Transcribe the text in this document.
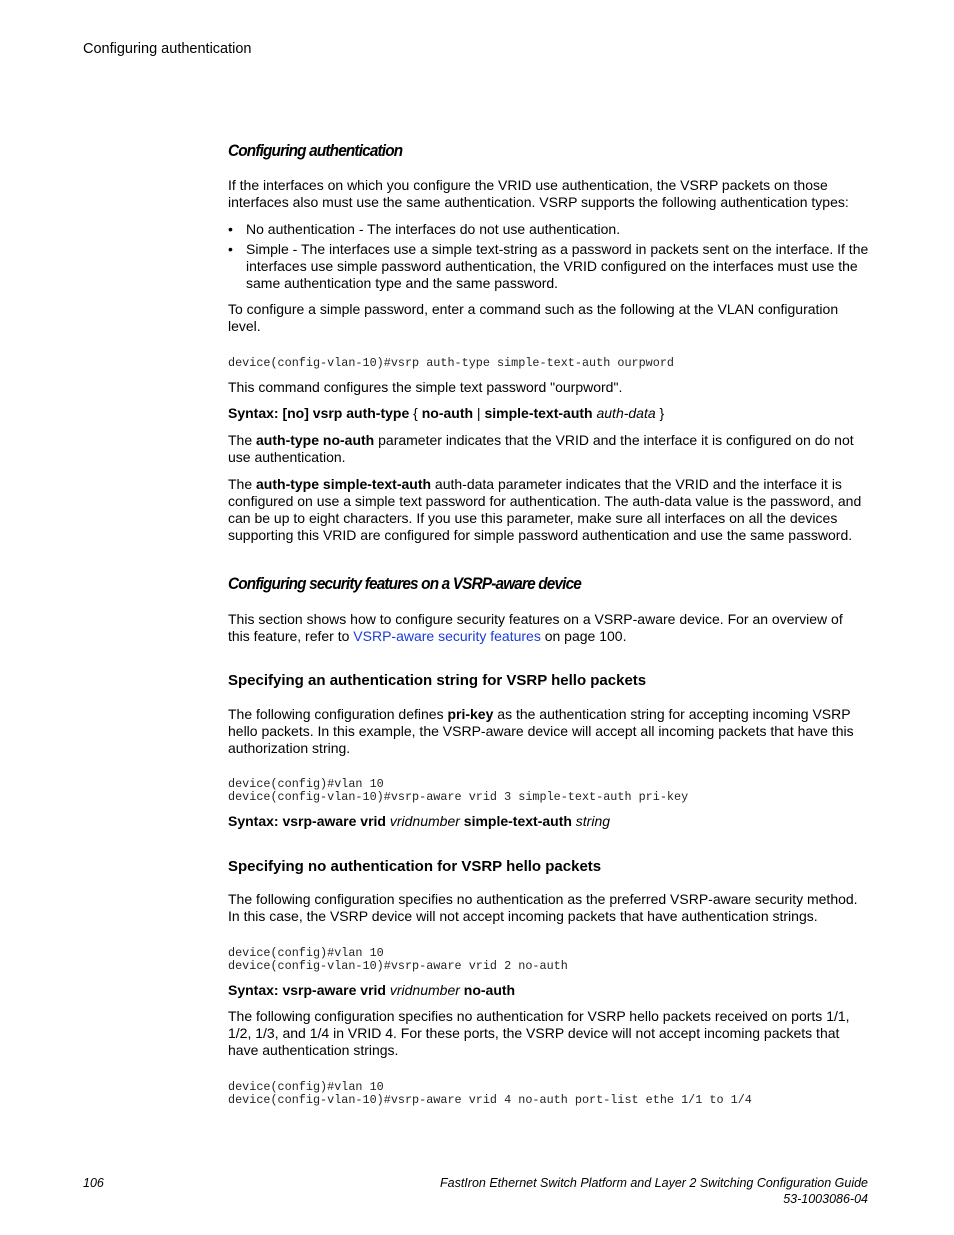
Configuring authentication
Configuring authentication
If the interfaces on which you configure the VRID use authentication, the VSRP packets on those interfaces also must use the same authentication. VSRP supports the following authentication types:
• No authentication - The interfaces do not use authentication.
• Simple - The interfaces use a simple text-string as a password in packets sent on the interface. If the interfaces use simple password authentication, the VRID configured on the interfaces must use the same authentication type and the same password.
To configure a simple password, enter a command such as the following at the VLAN configuration level.
device(config-vlan-10)#vsrp auth-type simple-text-auth ourpword
This command configures the simple text password "ourpword".
Syntax: [no] vsrp auth-type { no-auth | simple-text-auth auth-data }
The auth-type no-auth parameter indicates that the VRID and the interface it is configured on do not use authentication.
The auth-type simple-text-auth auth-data parameter indicates that the VRID and the interface it is configured on use a simple text password for authentication. The auth-data value is the password, and can be up to eight characters. If you use this parameter, make sure all interfaces on all the devices supporting this VRID are configured for simple password authentication and use the same password.
Configuring security features on a VSRP-aware device
This section shows how to configure security features on a VSRP-aware device. For an overview of this feature, refer to VSRP-aware security features on page 100.
Specifying an authentication string for VSRP hello packets
The following configuration defines pri-key as the authentication string for accepting incoming VSRP hello packets. In this example, the VSRP-aware device will accept all incoming packets that have this authorization string.
device(config)#vlan 10
device(config-vlan-10)#vsrp-aware vrid 3 simple-text-auth pri-key
Syntax: vsrp-aware vrid vridnumber simple-text-auth string
Specifying no authentication for VSRP hello packets
The following configuration specifies no authentication as the preferred VSRP-aware security method. In this case, the VSRP device will not accept incoming packets that have authentication strings.
device(config)#vlan 10
device(config-vlan-10)#vsrp-aware vrid 2 no-auth
Syntax: vsrp-aware vrid vridnumber no-auth
The following configuration specifies no authentication for VSRP hello packets received on ports 1/1, 1/2, 1/3, and 1/4 in VRID 4. For these ports, the VSRP device will not accept incoming packets that have authentication strings.
device(config)#vlan 10
device(config-vlan-10)#vsrp-aware vrid 4 no-auth port-list ethe 1/1 to 1/4
106	FastIron Ethernet Switch Platform and Layer 2 Switching Configuration Guide
53-1003086-04
